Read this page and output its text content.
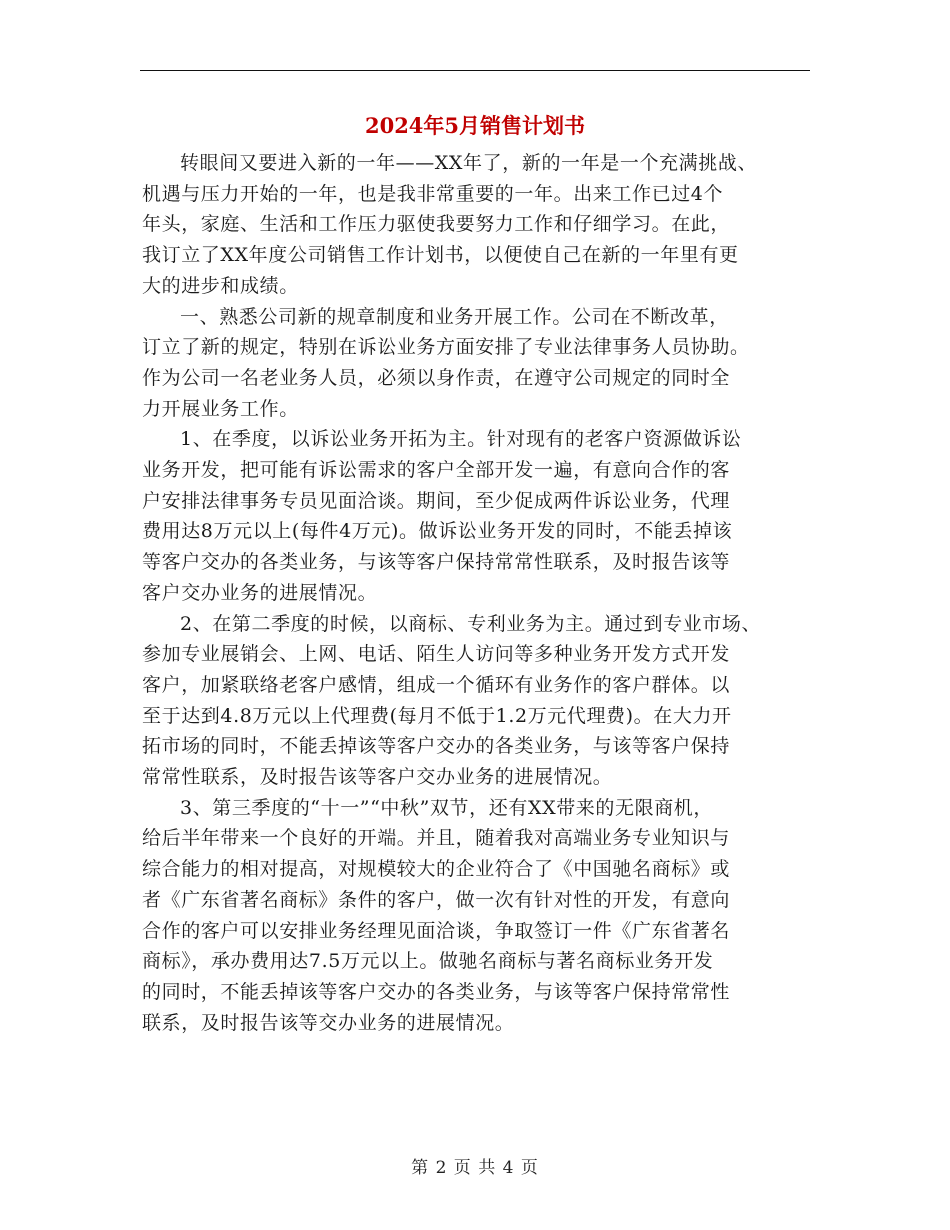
2024年5月销售计划书
转眼间又要进入新的一年——XX年了，新的一年是一个充满挑战、
机遇与压力开始的一年，也是我非常重要的一年。出来工作已过4个
年头，家庭、生活和工作压力驱使我要努力工作和仔细学习。在此，
我订立了XX年度公司销售工作计划书，以便使自己在新的一年里有更
大的进步和成绩。
一、熟悉公司新的规章制度和业务开展工作。公司在不断改革，
订立了新的规定，特别在诉讼业务方面安排了专业法律事务人员协助。
作为公司一名老业务人员，必须以身作责，在遵守公司规定的同时全
力开展业务工作。
1、在季度，以诉讼业务开拓为主。针对现有的老客户资源做诉讼
业务开发，把可能有诉讼需求的客户全部开发一遍，有意向合作的客
户安排法律事务专员见面洽谈。期间，至少促成两件诉讼业务，代理
费用达8万元以上(每件4万元)。做诉讼业务开发的同时，不能丢掉该
等客户交办的各类业务，与该等客户保持常常性联系，及时报告该等
客户交办业务的进展情况。
2、在第二季度的时候，以商标、专利业务为主。通过到专业市场、
参加专业展销会、上网、电话、陌生人访问等多种业务开发方式开发
客户，加紧联络老客户感情，组成一个循环有业务作的客户群体。以
至于达到4.8万元以上代理费(每月不低于1.2万元代理费)。在大力开
拓市场的同时，不能丢掉该等客户交办的各类业务，与该等客户保持
常常性联系，及时报告该等客户交办业务的进展情况。
3、第三季度的“十一”“中秋”双节，还有XX带来的无限商机，
给后半年带来一个良好的开端。并且，随着我对高端业务专业知识与
综合能力的相对提高，对规模较大的企业符合了《中国驰名商标》或
者《广东省著名商标》条件的客户，做一次有针对性的开发，有意向
合作的客户可以安排业务经理见面洽谈，争取签订一件《广东省著名
商标》，承办费用达7.5万元以上。做驰名商标与著名商标业务开发
的同时，不能丢掉该等客户交办的各类业务，与该等客户保持常常性
联系，及时报告该等交办业务的进展情况。
第 2 页 共 4 页
